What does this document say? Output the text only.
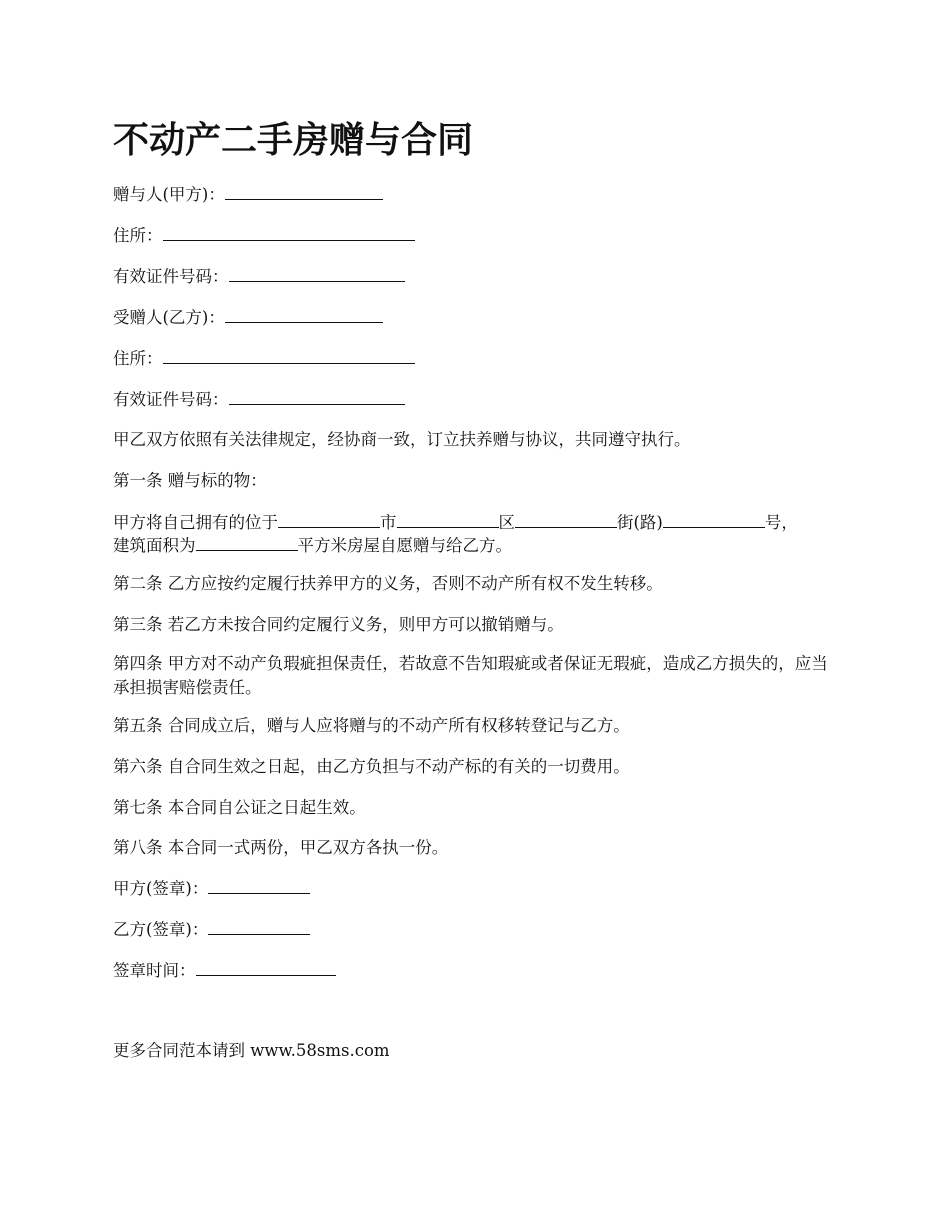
不动产二手房赠与合同

赠与人(甲方)：

住所：

有效证件号码：

受赠人(乙方)：

住所：

有效证件号码：

甲乙双方依照有关法律规定，经协商一致，订立扶养赠与协议，共同遵守执行。

第一条 赠与标的物：

甲方将自己拥有的位于	市	区	街(路)	号，

建筑面积为	平方米房屋自愿赠与给乙方。

第二条 乙方应按约定履行扶养甲方的义务，否则不动产所有权不发生转移。

第三条 若乙方未按合同约定履行义务，则甲方可以撤销赠与。

第四条 甲方对不动产负瑕疵担保责任，若故意不告知瑕疵或者保证无瑕疵，造成乙方损失的，应当承担损害赔偿责任。

第五条 合同成立后，赠与人应将赠与的不动产所有权移转登记与乙方。

第六条 自合同生效之日起，由乙方负担与不动产标的有关的一切费用。

第七条 本合同自公证之日起生效。

第八条 本合同一式两份，甲乙双方各执一份。

甲方(签章)：

乙方(签章)：

签章时间：

更多合同范本请到 www.58sms.com
